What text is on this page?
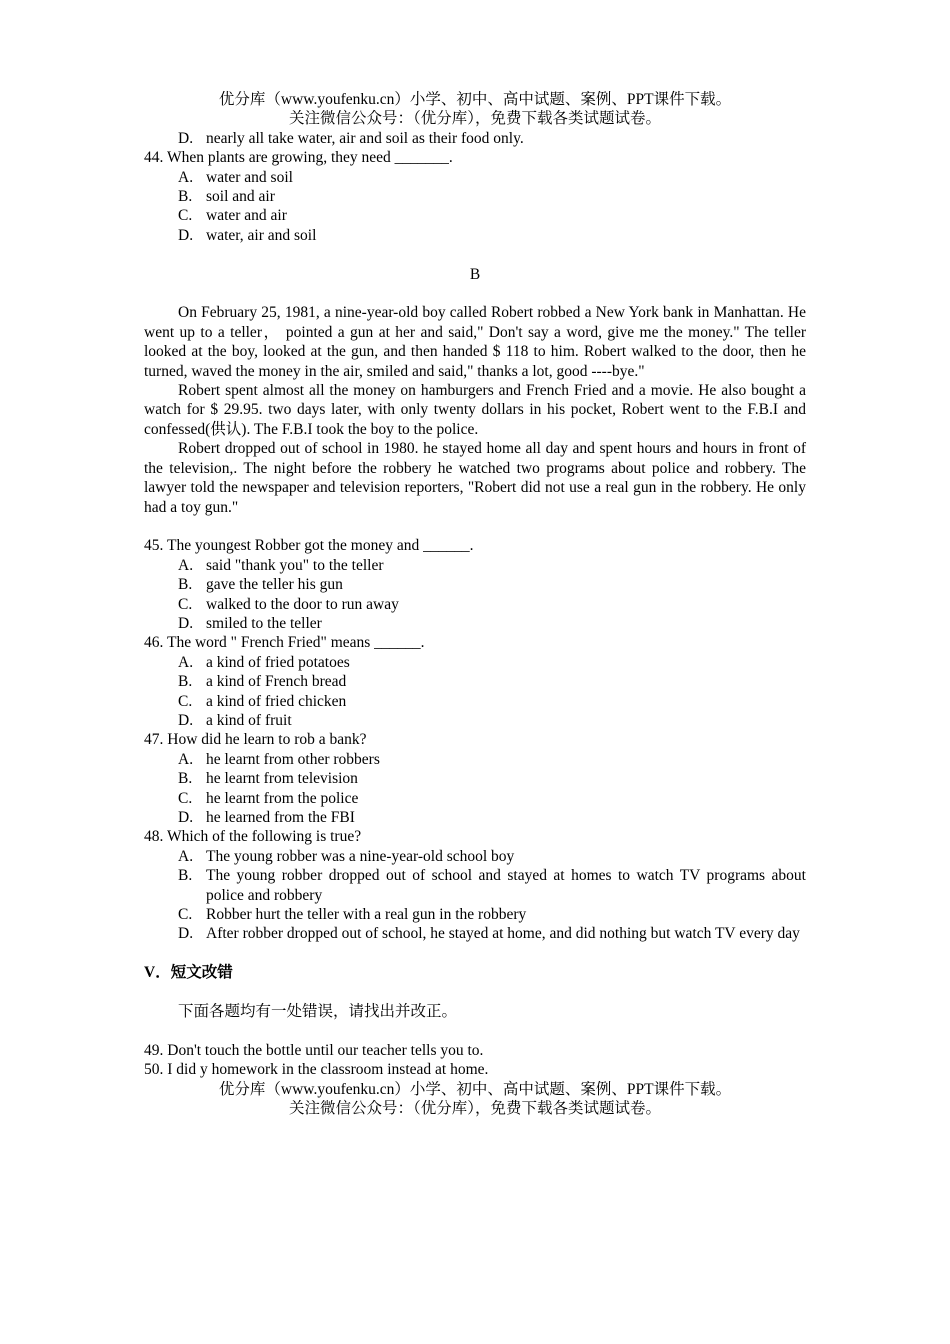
优分库（www.youfenku.cn）小学、初中、高中试题、案例、PPT课件下载。
关注微信公众号：（优分库），免费下载各类试题试卷。
D. nearly all take water, air and soil as their food only.
44. When plants are growing, they need _______.
A. water and soil
B. soil and air
C. water and air
D. water, air and soil
B
On February 25, 1981, a nine-year-old boy called Robert robbed a New York bank in Manhattan. He went up to a teller， pointed a gun at her and said," Don't say a word, give me the money." The teller looked at the boy, looked at the gun, and then handed $ 118 to him. Robert walked to the door, then he turned, waved the money in the air, smiled and said," thanks a lot, good ----bye."
Robert spent almost all the money on hamburgers and French Fried and a movie. He also bought a watch for $ 29.95. two days later, with only twenty dollars in his pocket, Robert went to the F.B.I and confessed(供认). The F.B.I took the boy to the police.
Robert dropped out of school in 1980. he stayed home all day and spent hours and hours in front of the television,. The night before the robbery he watched two programs about police and robbery. The lawyer told the newspaper and television reporters, "Robert did not use a real gun in the robbery. He only had a toy gun."
45. The youngest Robber got the money and ______.
A. said "thank you" to the teller
B. gave the teller his gun
C. walked to the door to run away
D. smiled to the teller
46. The word " French Fried" means ______.
A. a kind of fried potatoes
B. a kind of French bread
C. a kind of fried chicken
D. a kind of fruit
47. How did he learn to rob a bank?
A. he learnt from other robbers
B. he learnt from television
C. he learnt from the police
D. he learned from the FBI
48. Which of the following is true?
A. The young robber was a nine-year-old school boy
B. The young robber dropped out of school and stayed at homes to watch TV programs about police and robbery
C. Robber hurt the teller with a real gun in the robbery
D. After robber dropped out of school, he stayed at home, and did nothing but watch TV every day
V．短文改错
下面各题均有一处错误，请找出并改正。
49. Don't touch the bottle until our teacher tells you to.
50. I did y homework in the classroom instead at home.
优分库（www.youfenku.cn）小学、初中、高中试题、案例、PPT课件下载。
关注微信公众号：（优分库），免费下载各类试题试卷。
